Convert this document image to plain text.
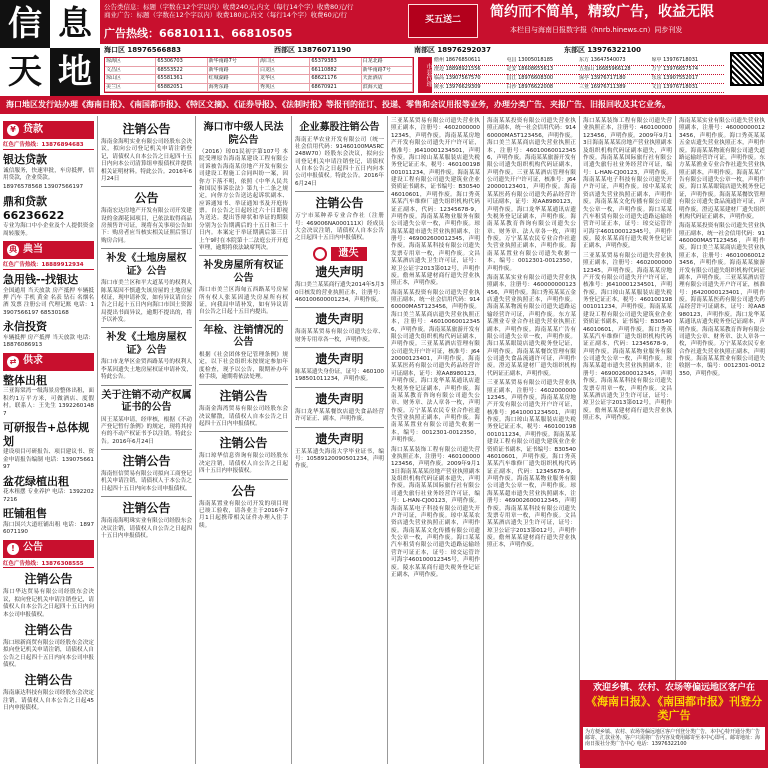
信 息
天 地
公告类信息：标题（字数在12个字以内）收费240元,内文（每行14个字）收费80元/行
商业广告：标题（字数在12个字以内）收费180元,内文（每行14个字）收费60元/行
广告热线：66810111、66810505
买五送二
简约而不简单，精致广告，收益无限
本栏目与海南日报数字报（hnrb.hinews.cn）同步刊发
海口区 18976566883	西部区 13876071190	南部区 18976292037	东部区 13976322100
琼海区	65306703	新华南路7号	海口区	65379383	白龙北路
文昌区	68553522	新华南路	白龙区	66110882	新华南路7号
琼山区	65581361	红城湖路	龙华区	68621176	天涯酒店
美兰区	65882051	海秀东路	秀英区	68670921	滨海大道	市县代理
儋州 18676850611	屯昌 13005018185	东方 13647540073	琼中 13976718031
澄迈 18898921556	定安 18608655613	五指山 16685966128	万宁 13976657574
临高 13907567570	昌江 18976608300	保亭 13976717180	乐东 13907552017
陵水 13976629309	白沙 18976622008	三亚 16976711389	文昌 13976718031
海口地区发行站办理《海南日报》、《南国都市报》、《特区文摘》、《证券导报》、《法制时报》等报刊的征订、投递、零售和会议用报等业务，办理分类广告、夹报广告、旧报回收及其它业务。
¥ 贷款
红色广告热线：13876894683
银达贷款
诚信服务，快速审批，车房抵押，信用贷款，企业贷款。
18976578568 13907566197
鼎和贷款 66236622
专业为海口中小企业及个人提供资金周转服务。
典 典当
红色广告热线：18889912934
急用钱--找银达
全国通用 当天放款 房产抵押 车辆抵押 汽车 手机 黄金 名表 钻石 名烟名酒 发票 注册公司 代理记账 电话：13907566197 68530168
永信投资
车辆抵押 房产抵押 当天放款 电话：18876086913
⇄ 供求
整体出租
三亚海棠湾一级海景房整体出租，面积约1万平方米，可做酒店、度假村。联系人：王先生 13922601487
可研报告+总体规划
建设项目可研报告、项目建议书、资金申请报告编制 电话：13907566197
盆花绿植出租
花木租摆 专业养护 电话：13922027216
旺铺租售
海口国兴大道旺铺出租 电话：18976071190
! 公告
红色广告热线：13876308555
注销公告
海口华达贸易有限公司经股东会决议，拟向登记机关申请注销登记，请债权人自本公告之日起四十五日内向本公司申报债权。
注销公告
海口琼新商贸有限公司经股东会决定拟向登记机关申请注销，请债权人自公告之日起四十五日内向本公司申报债权。
注销公告
海南康达科技有限公司经股东会决定注销，请债权人自本公告之日起45日内申报债权。
注销公告
海南金海明实业有限公司经股东会决议，拟向公司登记机关申请注销登记，请债权人自本公告之日起四十五日内向本公司清算组申报债权并提供相关证明材料。特此公告。2016年6月24日
公告
海南宏达房地产开发有限公司开发建设的金湖花园项目，已依法取得商品房预售许可证，现将有关事项公告如下：购房者应当核实相关证照后签订购房合同。
补发《土地房屋权证》公告
海口市美兰区和平大道某号的权利人陈某某因不慎遗失该房屋的土地房屋权证，现申请补发，如有异议请自公告之日起十五日内向海口市国土资源局提出书面异议，逾期不提出的，将予以补发。
补发《土地房屋权证》公告
海口市龙华区金贸西路某号的权利人李某因遗失土地房屋权证申请补发，特此公告。
关于注销不动产权属证书的公告
因王某某申请，经审核，根据《不动产登记暂行条例》的规定，现将其持有的不动产权证书予以注销。特此公告。2016年6月24日
注销公告
海南恒信贸易有限公司拟向工商登记机关申请注销，请债权人于本公告之日起四十五日内向本公司申报债权。
注销公告
海南南海明珠实业有限公司经股东会决议注销，请债权人自公告之日起四十五日内申报债权。
海口市中级人民法院公告
（2016）琼01民初字第107号 本院受理原告海南某建设工程有限公司诉被告海南某房地产开发有限公司建设工程施工合同纠纷一案，因你方下落不明，依照《中华人民共和国民事诉讼法》第九十二条之规定，向你方公告送达起诉状副本、应诉通知书、举证通知书及开庭传票。自公告之日起经过六十日即视为送达。提出答辩状和举证的期限分别为公告期满后的十五日和三十日内。本案定于举证期满后第三日上午9时在本院第十二法庭公开开庭审理，逾期将依法缺席判决。
补发房屋所有权证公告
海口市美兰区海甸五西路某号房屋所有权人张某因遗失房屋所有权证，向我局申请补发，如有异议请自公告之日起十五日内提出。
年检、注销情况的公告
根据《社会团体登记管理条例》规定，以下社会组织未按规定参加年度检查，现予以公告，限期补办年检手续，逾期将依法处理。
注销公告
海南金海湾贸易有限公司经股东会决议解散，请债权人自本公告之日起四十五日内申报债权。
注销公告
海口琼华信息咨询有限公司经股东决定注销，请债权人自公告之日起四十五日内申报债权。
公告
海南某置业有限公司开发的项目现已竣工验收，请各业主于2016年7月1日起携带相关证件办理入住手续。
企业募股注销公告
海南正华农业开发有限公司（统一社会信用代码：91460100MA5RC248W70）经股东会决议，拟向公司登记机关申请注销登记，请债权人自本公告之日起四十五日内向本公司申报债权。特此公告。2016年6月24日
注销公告
万宁市某种养专业合作社（注册号：469006NA000111X）经成员大会决议注销，请债权人自本公告之日起四十五日内申报债权。
遗失
遗失声明
海口美兰某某商行遗失2014年5月30日核发的营业执照正本，注册号：460100600001234，声明作废。
遗失声明
海南某某贸易有限公司遗失公章、财务专用章各一枚，声明作废。
遗失声明
陈某某遗失身份证，证号：460100198501011234，声明作废。
遗失声明
海口龙华某某餐饮店遗失食品经营许可证正、副本，声明作废。
遗失声明
王某某遗失海南大学毕业证书，编号：10589120090501234，声明作废。
三亚某某贸易有限公司遗失营业执照正副本，注册号：460200000012345，声明作废。海南某某房地产开发有限公司遗失开户许可证，核准号：J6410001234501，声明作废。海口琼山某某服装店遗失税务登记证正本，税号：460100198001011234，声明作废。海南某某建设工程有限公司遗失建筑业企业资质证书副本，证书编号：B3054046010601，声明作废。海口秀英某某汽车维修厂遗失组织机构代码证正副本，代码：12345678-9，声明作废。海南某某物业服务有限公司遗失公章一枚，声明作废。琼海某某超市遗失营业执照副本，注册号：469002600012345，声明作废。海南某某科技有限公司遗失发票专用章一枚，声明作废。文昌某某酒店遗失卫生许可证，证号：琼卫公证字2013第012号，声明作废。儋州某某建材商行遗失营业执照正本，声明作废。
海南某某投资有限公司遗失营业执照正副本，统一社会信用代码：91460000MA5T123456，声明作废。海口美兰某某商店遗失营业执照正本，注册号：460100600123456，声明作废。海南某某旅游开发有限公司遗失组织机构代码证副本，声明作废。三亚某某酒店管理有限公司遗失开户许可证，核准号：J6420000123401，声明作废。海南某某医药有限公司遗失药品经营许可证副本，证号：琼AA8980123，声明作废。海口龙华某某通讯店遗失税务登记证副本，声明作废。海南某某教育咨询有限公司遗失公章、财务章、法人章各一枚，声明作废。万宁某某农民专业合作社遗失营业执照正副本，声明作废。海南某某置业有限公司遗失收据一本，编号：0012301-0012350，声明作废。
海口某某装饰工程有限公司遗失营业执照正本，注册号：460100000123456，声明作废。2009年9月13日海南某某某房地产营业执照副本及组织机构代码证副本遗失，声明作废。海南某某国际旅行社有限公司遗失旅行社业务经营许可证，编号：L-HAN-CJ00123，声明作废。海南某某电子科技有限公司遗失开户许可证，声明作废。琼中某某农资店遗失营业执照正副本，声明作废。海南某某文化传播有限公司遗失公章一枚，声明作废。海口某某汽车租赁有限公司遗失道路运输经营许可证正本，证号：琼交运管许可海字460100012345号，声明作废。陵水某某商行遗失税务登记证正副本，声明作废。
海南某某投资有限公司遗失营业执照正副本，统一社会信用代码：91460000MA5T123456，声明作废。海口美兰某某商店遗失营业执照正本，注册号：460100600123456，声明作废。海南某某旅游开发有限公司遗失组织机构代码证副本，声明作废。三亚某某酒店管理有限公司遗失开户许可证，核准号：J6420000123401，声明作废。海南某某医药有限公司遗失药品经营许可证副本，证号：琼AA8980123，声明作废。海口龙华某某通讯店遗失税务登记证副本，声明作废。海南某某教育咨询有限公司遗失公章、财务章、法人章各一枚，声明作废。万宁某某农民专业合作社遗失营业执照正副本，声明作废。海南某某置业有限公司遗失收据一本，编号：0012301-0012350，声明作废。
海南某某实业有限公司遗失营业执照副本，注册号：460000000123456，声明作废。海口秀英某某五金店遗失营业执照正本，声明作废。海南某某物流有限公司遗失道路运输经营许可证，声明作废。东方某某渔业专业合作社遗失营业执照正副本，声明作废。海南某某广告有限公司遗失公章一枚，声明作废。海口某某眼镜店遗失税务登记证，声明作废。海南某某餐饮管理有限公司遗失食品流通许可证，声明作废。澄迈某某建材厂遗失组织机构代码证正副本，声明作废。
三亚某某贸易有限公司遗失营业执照正副本，注册号：460200000012345，声明作废。海南某某房地产开发有限公司遗失开户许可证，核准号：J6410001234501，声明作废。海口琼山某某服装店遗失税务登记证正本，税号：460100198001011234，声明作废。海南某某建设工程有限公司遗失建筑业企业资质证书副本，证书编号：B3054046010601，声明作废。海口秀英某某汽车维修厂遗失组织机构代码证正副本，代码：12345678-9，声明作废。海南某某物业服务有限公司遗失公章一枚，声明作废。琼海某某超市遗失营业执照副本，注册号：469002600012345，声明作废。海南某某科技有限公司遗失发票专用章一枚，声明作废。文昌某某酒店遗失卫生许可证，证号：琼卫公证字2013第012号，声明作废。儋州某某建材商行遗失营业执照正本，声明作废。
海口某某装饰工程有限公司遗失营业执照正本，注册号：460100000123456，声明作废。2009年9月13日海南某某某房地产营业执照副本及组织机构代码证副本遗失，声明作废。海南某某国际旅行社有限公司遗失旅行社业务经营许可证，编号：L-HAN-CJ00123，声明作废。海南某某电子科技有限公司遗失开户许可证，声明作废。琼中某某农资店遗失营业执照正副本，声明作废。海南某某文化传播有限公司遗失公章一枚，声明作废。海口某某汽车租赁有限公司遗失道路运输经营许可证正本，证号：琼交运管许可海字460100012345号，声明作废。陵水某某商行遗失税务登记证正副本，声明作废。
三亚某某贸易有限公司遗失营业执照正副本，注册号：460200000012345，声明作废。海南某某房地产开发有限公司遗失开户许可证，核准号：J6410001234501，声明作废。海口琼山某某服装店遗失税务登记证正本，税号：460100198001011234，声明作废。海南某某建设工程有限公司遗失建筑业企业资质证书副本，证书编号：B3054046010601，声明作废。海口秀英某某汽车维修厂遗失组织机构代码证正副本，代码：12345678-9，声明作废。海南某某物业服务有限公司遗失公章一枚，声明作废。琼海某某超市遗失营业执照副本，注册号：469002600012345，声明作废。海南某某科技有限公司遗失发票专用章一枚，声明作废。文昌某某酒店遗失卫生许可证，证号：琼卫公证字2013第012号，声明作废。儋州某某建材商行遗失营业执照正本，声明作废。
海南某某实业有限公司遗失营业执照副本，注册号：460000000123456，声明作废。海口秀英某某五金店遗失营业执照正本，声明作废。海南某某物流有限公司遗失道路运输经营许可证，声明作废。东方某某渔业专业合作社遗失营业执照正副本，声明作废。海南某某广告有限公司遗失公章一枚，声明作废。海口某某眼镜店遗失税务登记证，声明作废。海南某某餐饮管理有限公司遗失食品流通许可证，声明作废。澄迈某某建材厂遗失组织机构代码证正副本，声明作废。
海南某某投资有限公司遗失营业执照正副本，统一社会信用代码：91460000MA5T123456，声明作废。海口美兰某某商店遗失营业执照正本，注册号：460100600123456，声明作废。海南某某旅游开发有限公司遗失组织机构代码证副本，声明作废。三亚某某酒店管理有限公司遗失开户许可证，核准号：J6420000123401，声明作废。海南某某医药有限公司遗失药品经营许可证副本，证号：琼AA8980123，声明作废。海口龙华某某通讯店遗失税务登记证副本，声明作废。海南某某教育咨询有限公司遗失公章、财务章、法人章各一枚，声明作废。万宁某某农民专业合作社遗失营业执照正副本，声明作废。海南某某置业有限公司遗失收据一本，编号：0012301-0012350，声明作废。
欢迎乡镇、农村、农场等偏远地区客户在
《海南日报》、《南国都市报》刊登分类广告
为方便乡镇、农村、农场等偏远地区客户刊登分类广告，本中心特开通分类广告邮寄、汇款业务，客户只需将广告内容及费用邮寄至本中心即可。邮寄地址：海南日报社分类广告中心 电话：13976322100
